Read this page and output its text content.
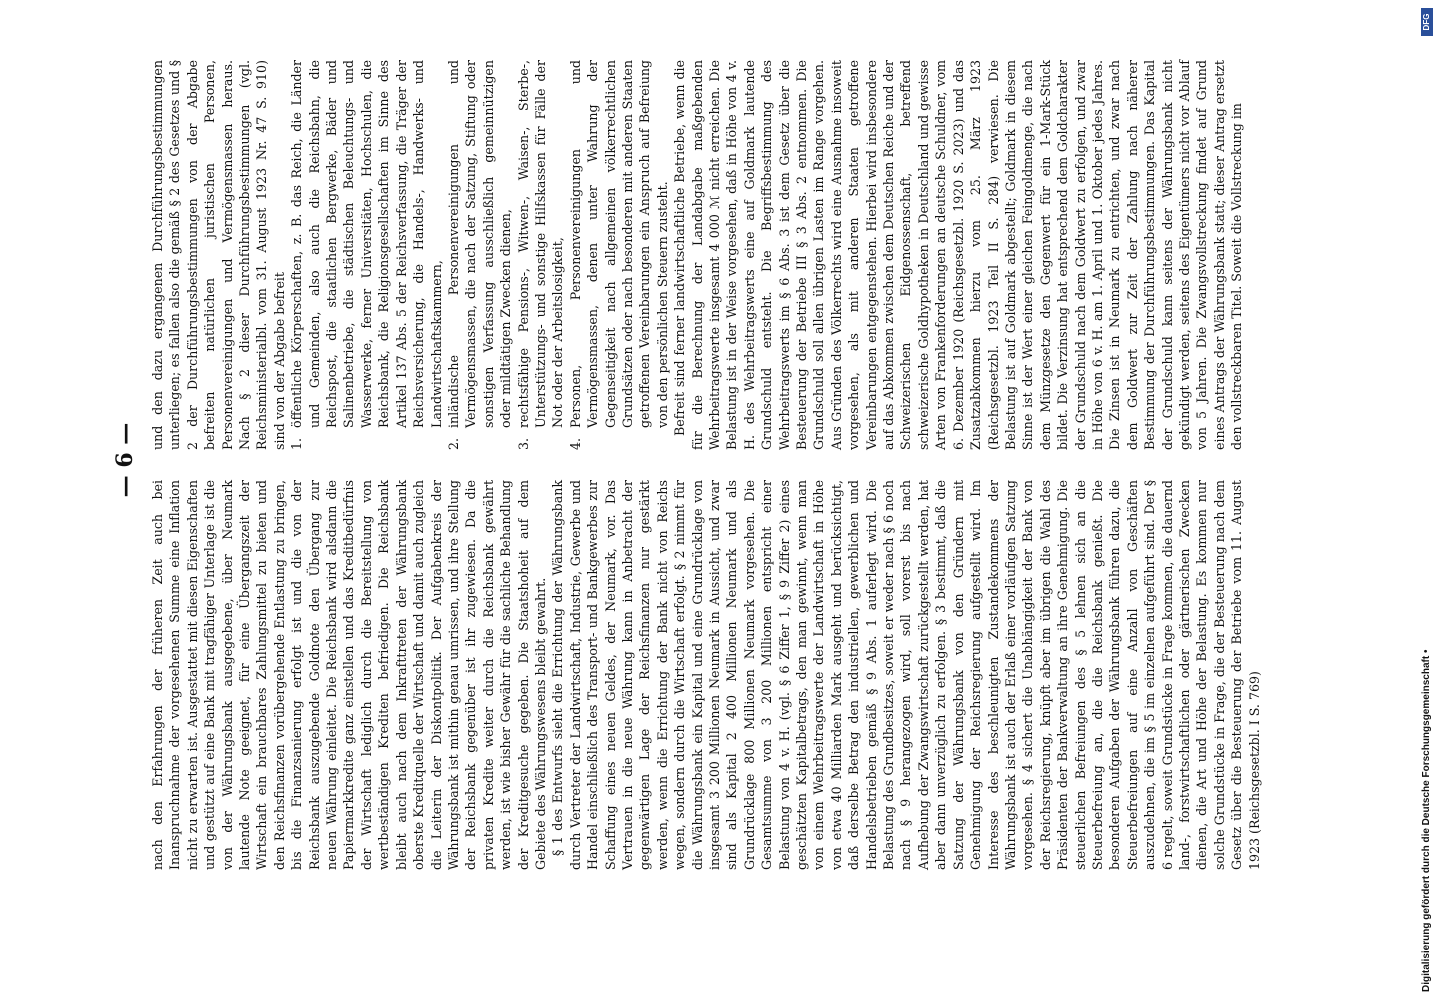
— 6 —

nach den Erfahrungen der früheren Zeit auch bei Inanspruchnahme der vorgesehenen Summe eine Inflation nicht zu erwarten ist. Ausgestattet mit diesen Eigenschaften und gestützt auf eine Bank mit tragfähiger Unterlage ist die von der Währungsbank ausgegebene, über Neumark lautende Note geeignet, für eine Übergangszeit der Wirtschaft ein brauchbares Zahlungsmittel zu bieten und den Reichsfinanzen vorübergehende Entlastung zu bringen, bis die Finanzsanierung erfolgt ist und die von der Reichsbank auszugebende Goldnote den Übergang zur neuen Währung einleitet. Die Reichsbank wird alsdann die Papiermarkkredite ganz einstellen und das Kreditbedürfnis der Wirtschaft lediglich durch die Bereitstellung von wertbeständigen Krediten befriedigen. Die Reichsbank bleibt auch nach dem Inkrafttreten der Währungsbank oberste Kreditquelle der Wirtschaft und damit auch zugleich die Leiterin der Diskontpolitik. Der Aufgabenkreis der Währungsbank ist mithin genau umrissen, und ihre Stellung der Reichsbank gegenüber ist ihr zugewiesen. Da die privaten Kredite weiter durch die Reichsbank gewährt werden, ist wie bisher Gewähr für die sachliche Behandlung der Kreditgesuche gegeben. Die Staatshoheit auf dem Gebiete des Währungswesens bleibt gewahrt. § 1 des Entwurfs sieht die Errichtung der Währungsbank durch Vertreter der Landwirtschaft, Industrie, Gewerbe und Handel einschließlich des Transport- und Bankgewerbes zur Schaffung eines neuen Geldes, der Neumark, vor. Das Vertrauen in die neue Währung kann in Anbetracht der gegenwärtigen Lage der Reichsfinanzen nur gestärkt werden, wenn die Errichtung der Bank nicht von Reichs wegen, sondern durch die Wirtschaft erfolgt. § 2 nimmt für die Währungsbank ein Kapital und eine Grundrücklage von insgesamt 3 200 Millionen Neumark in Aussicht, und zwar sind als Kapital 2 400 Millionen Neumark und als Grundrücklage 800 Millionen Neumark vorgesehen. Die Gesamtsumme von 3 200 Millionen entspricht einer Belastung von 4 v. H. (vgl. § 6 Ziffer 1, § 9 Ziffer 2) eines geschätzten Kapitalbetrags, den man gewinnt, wenn man von einem Wehrbeitragswerte der Landwirtschaft in Höhe von etwa 40 Milliarden Mark ausgeht und berücksichtigt, daß derselbe Betrag den industriellen, gewerblichen und Handelsbetrieben gemäß § 9 Abs. 1 auferlegt wird. Die Belastung des Grundbesitzes, soweit er weder nach § 6 noch nach § 9 herangezogen wird, soll vorerst bis nach Aufhebung der Zwangswirtschaft zurückgestellt werden, hat aber dann unverzüglich zu erfolgen. § 3 bestimmt, daß die Satzung der Währungsbank von den Gründern mit Genehmigung der Reichsregierung aufgestellt wird. Im Interesse des beschleunigten Zustandekommens der Währungsbank ist auch der Erlaß einer vorläufigen Satzung vorgesehen. § 4 sichert die Unabhängigkeit der Bank von der Reichsregierung, knüpft aber im übrigen die Wahl des Präsidenten der Bankverwaltung an ihre Genehmigung. Die steuerlichen Befreiungen des § 5 lehnen sich an die Steuerbefreiung an, die die Reichsbank genießt. Die besonderen Aufgaben der Währungsbank führen dazu, die Steuerbefreiungen auf eine Anzahl von Geschäften auszudehnen, die im § 5 im einzelnen aufgeführt sind. Der § 6 regelt, soweit Grundstücke in Frage kommen, die dauernd land-, forstwirtschaftlichen oder gärtnerischen Zwecken dienen, die Art und Höhe der Belastung. Es kommen nur solche Grundstücke in Frage, die der Besteuerung nach dem Gesetz über die Besteuerung der Betriebe vom 11. August 1923 (Reichsgesetzbl. I S. 769)

und den dazu ergangenen Durchführungsbestimmungen unterliegen; es fallen also die gemäß § 2 des Gesetzes und § 2 der Durchführungsbestimmungen von der Abgabe befreiten natürlichen juristischen Personen, Personenvereinigungen und Vermögensmassen heraus. Nach § 2 dieser Durchführungsbestimmungen (vgl. Reichsministerialbl. vom 31. August 1923 Nr. 47 S. 910) sind von der Abgabe befreit 1.öffentliche Körperschaften, z. B. das Reich, die Länder und Gemeinden, also auch die Reichsbahn, die Reichspost, die staatlichen Bergwerke, Bäder und Salinenbetriebe, die städtischen Beleuchtungs- und Wasserwerke, ferner Universitäten, Hochschulen, die Reichsbank, die Religionsgesellschaften im Sinne des Artikel 137 Abs. 5 der Reichsverfassung, die Träger der Reichsversicherung, die Handels-, Handwerks- und Landwirtschaftskammern,
2.inländische Personenvereinigungen und Vermögensmassen, die nach der Satzung, Stiftung oder sonstigen Verfassung ausschließlich gemeinnützigen oder mildtätigen Zwecken dienen,
3.rechtsfähige Pensions-, Witwen-, Waisen-, Sterbe-, Unterstützungs- und sonstige Hilfskassen für Fälle der Not oder der Arbeitslosigkeit,
4.Personen, Personenvereinigungen und Vermögensmassen, denen unter Wahrung der Gegenseitigkeit nach allgemeinen völkerrechtlichen Grundsätzen oder nach besonderen mit anderen Staaten getroffenen Vereinbarungen ein Anspruch auf Befreiung von den persönlichen Steuern zusteht. Befreit sind ferner landwirtschaftliche Betriebe, wenn die für die Berechnung der Landabgabe maßgebenden Wehrbeitragswerte insgesamt 4 000 ℳ nicht erreichen. Die Belastung ist in der Weise vorgesehen, daß in Höhe von 4 v. H. des Wehrbeitragswerts eine auf Goldmark lautende Grundschuld entsteht. Die Begriffsbestimmung des Wehrbeitragswerts im § 6 Abs. 3 ist dem Gesetz über die Besteuerung der Betriebe III § 3 Abs. 2 entnommen. Die Grundschuld soll allen übrigen Lasten im Range vorgehen. Aus Gründen des Völkerrechts wird eine Ausnahme insoweit vorgesehen, als mit anderen Staaten getroffene Vereinbarungen entgegenstehen. Hierbei wird insbesondere auf das Abkommen zwischen dem Deutschen Reiche und der Schweizerischen Eidgenossenschaft, betreffend schweizerische Goldhypotheken in Deutschland und gewisse Arten von Frankenforderungen an deutsche Schuldner, vom 6. Dezember 1920 (Reichsgesetzbl. 1920 S. 2023) und das Zusatzabkommen hierzu vom 25. März 1923 (Reichsgesetzbl. 1923 Teil II S. 284) verwiesen. Die Belastung ist auf Goldmark abgestellt; Goldmark in diesem Sinne ist der Wert einer gleichen Feingoldmenge, die nach dem Münzgesetze den Gegenwert für ein 1-Mark-Stück bildet. Die Verzinsung hat entsprechend dem Goldcharakter der Grundschuld nach dem Goldwert zu erfolgen, und zwar in Höhe von 6 v. H. am 1. April und 1. Oktober jedes Jahres. Die Zinsen ist in Neumark zu entrichten, und zwar nach dem Goldwert zur Zeit der Zahlung nach näherer Bestimmung der Durchführungsbestimmungen. Das Kapital der Grundschuld kann seitens der Währungsbank nicht gekündigt werden, seitens des Eigentümers nicht vor Ablauf von 5 Jahren. Die Zwangsvollstreckung findet auf Grund eines Antrags der Währungsbank statt; dieser Antrag ersetzt den vollstreckbaren Titel. Soweit die Vollstreckung im

Digitalisierung gefördert durch die Deutsche Forschungsgemeinschaft •
DFG
